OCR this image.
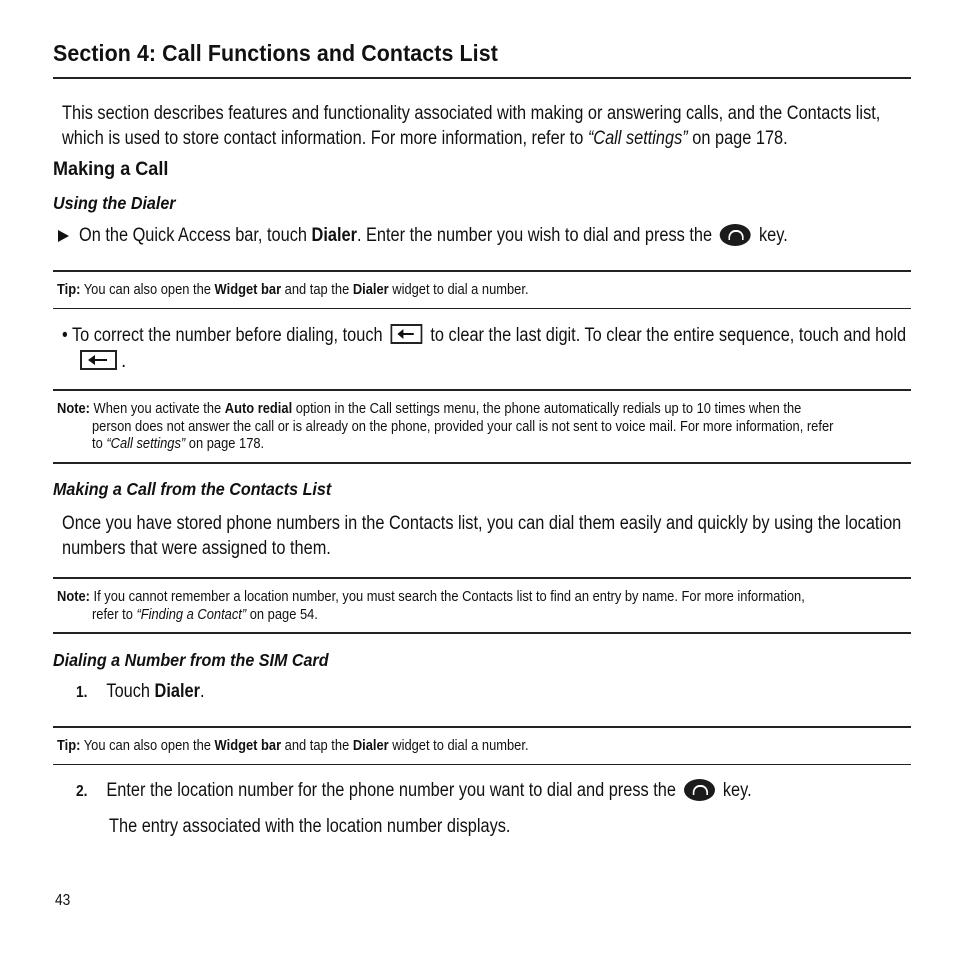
Section 4: Call Functions and Contacts List
This section describes features and functionality associated with making or answering calls, and the Contacts list,
which is used to store contact information. For more information, refer to “Call settings” on page 178.
Making a Call
Using the Dialer
On the Quick Access bar, touch Dialer. Enter the number you wish to dial and press the  key.
Tip: You can also open the Widget bar and tap the Dialer widget to dial a number.
• To correct the number before dialing, touch  to clear the last digit. To clear the entire sequence, touch and hold
.
Note: When you activate the Auto redial option in the Call settings menu, the phone automatically redials up to 10 times when the
person does not answer the call or is already on the phone, provided your call is not sent to voice mail. For more information, refer
to “Call settings” on page 178.
Making a Call from the Contacts List
Once you have stored phone numbers in the Contacts list, you can dial them easily and quickly by using the location
numbers that were assigned to them.
Note: If you cannot remember a location number, you must search the Contacts list to find an entry by name. For more information,
refer to “Finding a Contact” on page 54.
Dialing a Number from the SIM Card
1. Touch Dialer.
Tip: You can also open the Widget bar and tap the Dialer widget to dial a number.
2. Enter the location number for the phone number you want to dial and press the  key.
The entry associated with the location number displays.
43
